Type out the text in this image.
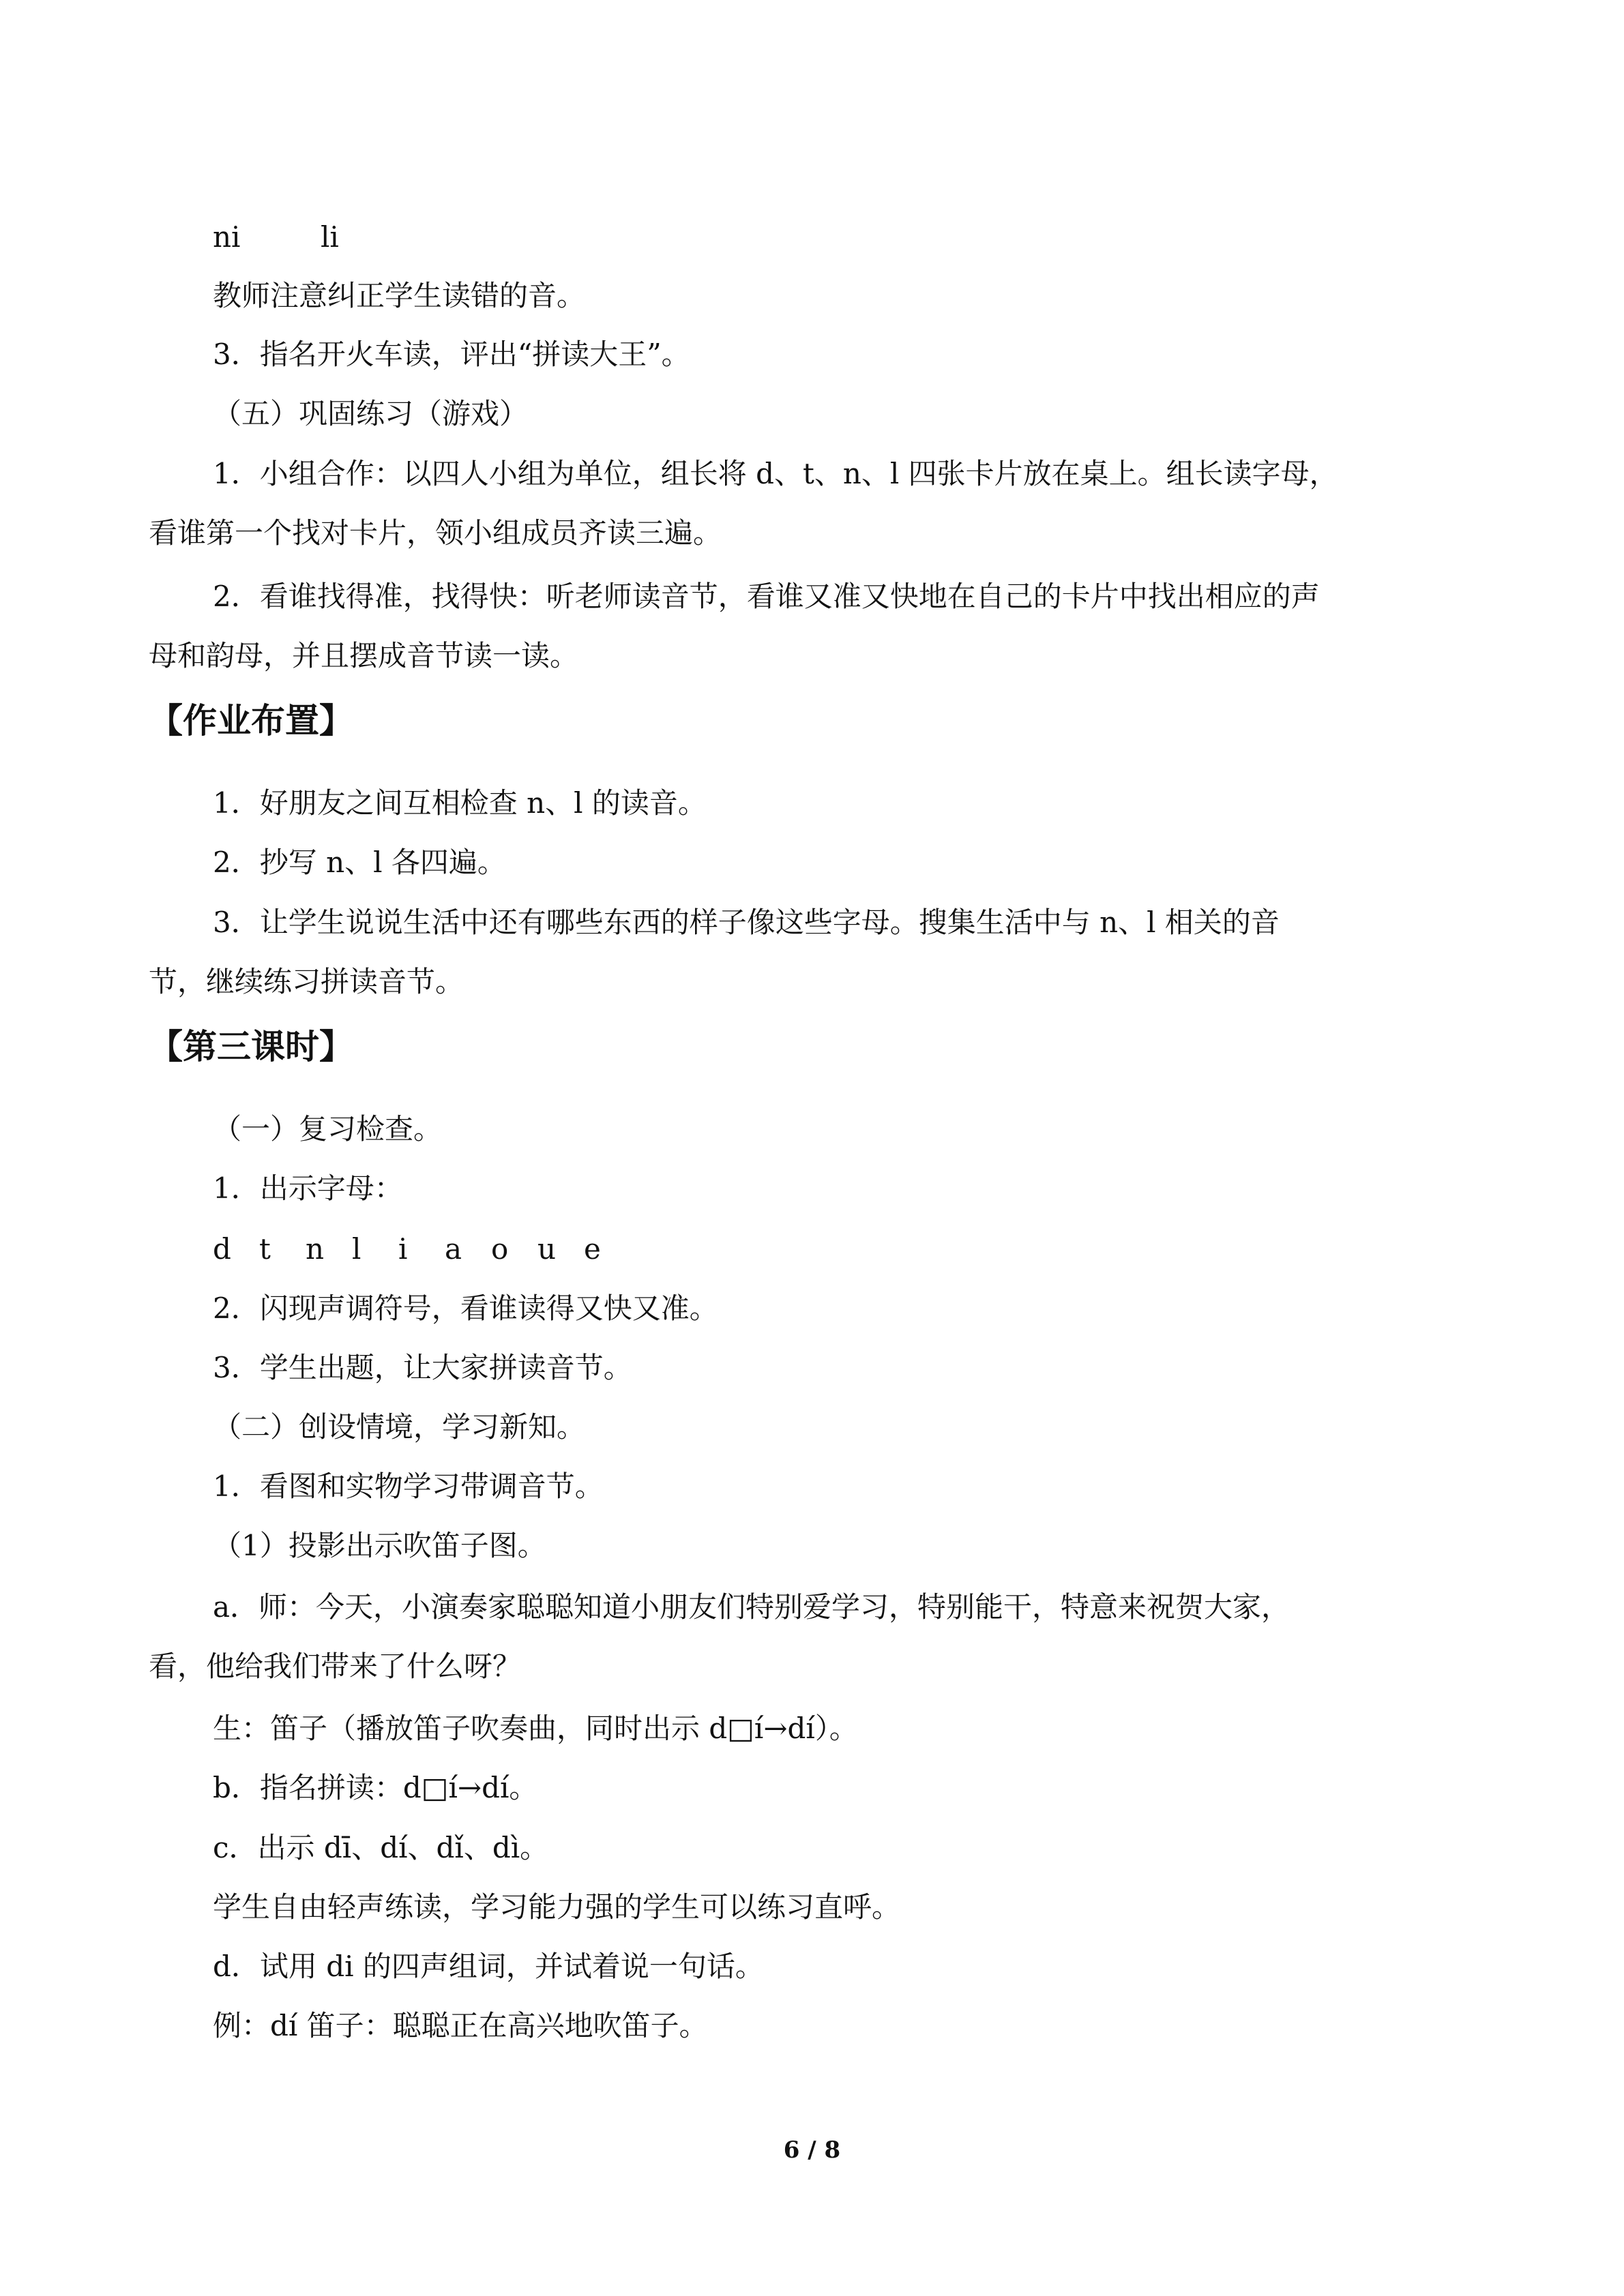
ni	li
教师注意纠正学生读错的音。
3．指名开火车读，评出“拼读大王”。
（五）巩固练习（游戏）
1．小组合作：以四人小组为单位，组长将 d、t、n、l 四张卡片放在桌上。组长读字母，
看谁第一个找对卡片，领小组成员齐读三遍。
2．看谁找得准，找得快：听老师读音节，看谁又准又快地在自己的卡片中找出相应的声
母和韵母，并且摆成音节读一读。
【作业布置】
1．好朋友之间互相检查 n、l 的读音。
2．抄写 n、l 各四遍。
3．让学生说说生活中还有哪些东西的样子像这些字母。搜集生活中与 n、l 相关的音
节，继续练习拼读音节。
【第三课时】
（一）复习检查。
1．出示字母：
d t n l i a o u e
2．闪现声调符号，看谁读得又快又准。
3．学生出题，让大家拼读音节。
（二）创设情境，学习新知。
1．看图和实物学习带调音节。
（1）投影出示吹笛子图。
a．师：今天，小演奏家聪聪知道小朋友们特别爱学习，特别能干，特意来祝贺大家，
看，他给我们带来了什么呀？
生：笛子（播放笛子吹奏曲，同时出示 d□í→dí）。
b．指名拼读：d□í→dí。
c．出示 dī、dí、dǐ、dì。
学生自由轻声练读，学习能力强的学生可以练习直呼。
d．试用 di 的四声组词，并试着说一句话。
例：dí 笛子：聪聪正在高兴地吹笛子。
6 / 8
